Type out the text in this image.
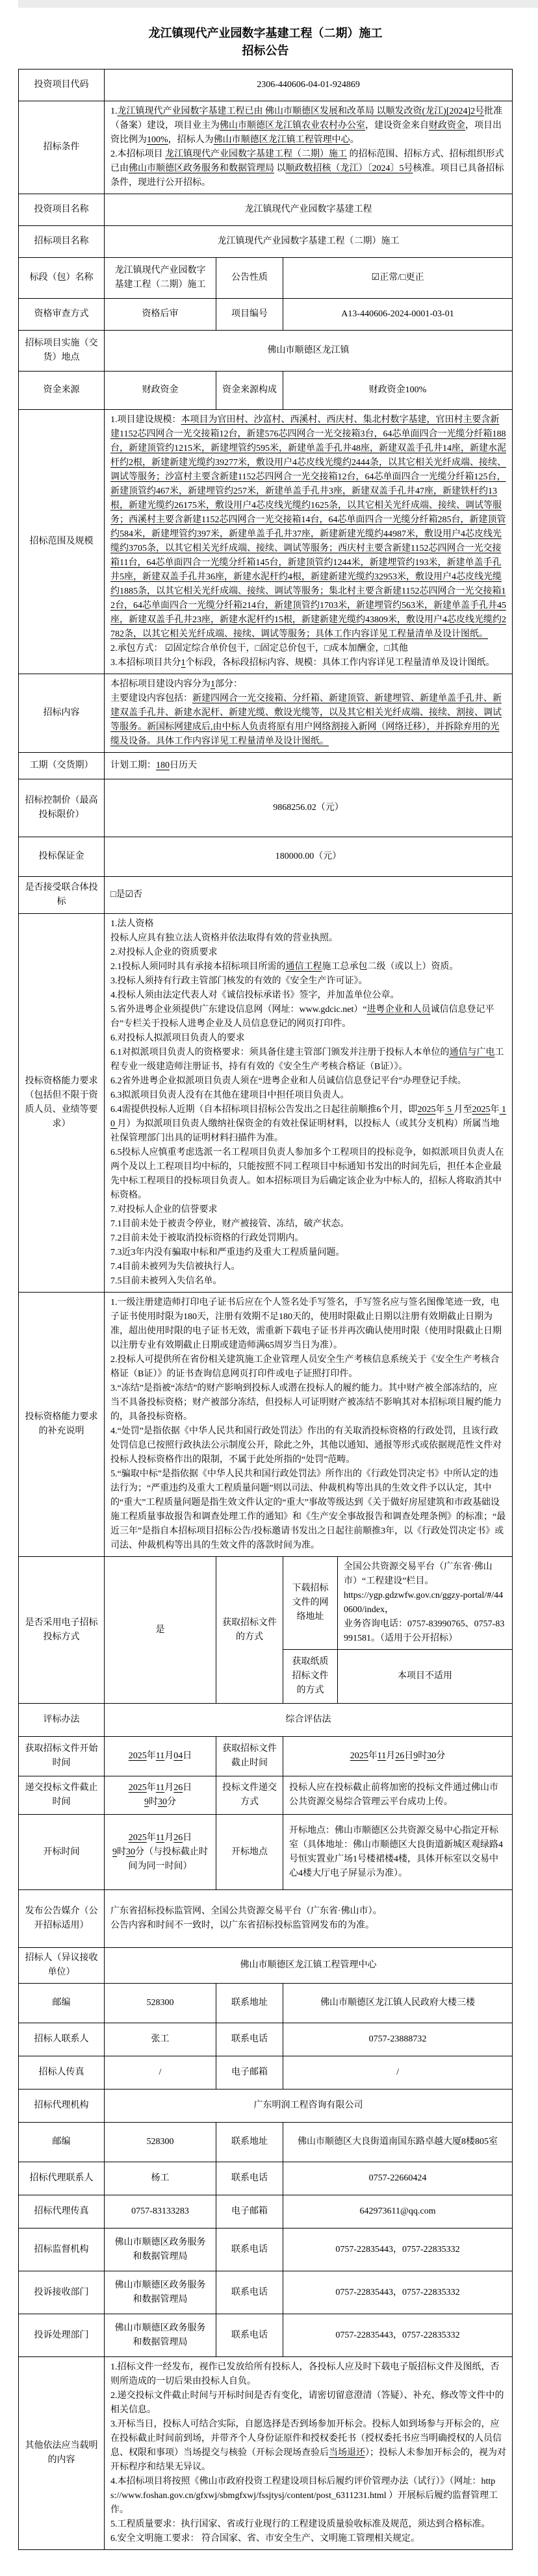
龙江镇现代产业园数字基建工程（二期）施工
招标公告
投资项目代码	2306-440606-04-01-924869			
招标条件	1.龙江镇现代产业园数字基建工程已由 佛山市顺德区发展和改革局 以顺发改资(龙江)[2024]2号批准（备案）建设，项目业主为佛山市顺德区龙江镇农业农村办公室，建设资金来自财政资金，项目出资比例为100%，招标人为佛山市顺德区龙江镇工程管理中心。
2.本招标项目 龙江镇现代产业园数字基建工程（二期）施工 的招标范围、招标方式、招标组织形式已由佛山市顺德区政务服务和数据管理局 以顺政数招核（龙江）〔2024〕5号核准。项目已具备招标条件，现进行公开招标。			

投资项目名称	龙江镇现代产业园数字基建工程			
招标项目名称	龙江镇现代产业园数字基建工程（二期）施工			
标段（包）名称	龙江镇现代产业园数字基建工程（二期）施工	公告性质	☑正常/□更正	
资格审查方式	资格后审	项目编号	A13-440606-2024-0001-03-01	
招标项目实施（交货）地点	佛山市顺德区龙江镇			
资金来源	财政资金	资金来源构成	财政资金100%	
招标范围及规模	1.项目建设规模：本项目为官田村、沙富村、西溪村、西庆村、集北村数字基建，官田村主要含新建1152芯四网合一光交接箱12台，新建576芯四网合一光交接箱3台，64芯单面四合一光缆分纤箱188台，新建顶管约1215米，新建埋管约595米，新建单盖手孔井48座，新建双盖手孔井14座，新建水泥杆约2根，新建新建光缆约39277米，敷设用户4芯皮线光缆约2444条，以其它相关光纤成端、接续、调试等服务；沙富村主要含新建1152芯四网合一光交接箱12台，64芯单面四合一光缆分纤箱125台，新建顶管约467米，新建埋管约257米，新建单盖手孔井3座，新建双盖手孔井47座，新建铁杆约13根，新建光缆约26175米，敷设用户4芯皮线光缆约1625条，以其它相关光纤成端、接续、调试等服务；西溪村主要含新建1152芯四网合一光交接箱14台，64芯单面四合一光缆分纤箱285台，新建顶管约584米，新建埋管约397米，新建单盖手孔井37座，新建新建光缆约44987米，敷设用户4芯皮线光缆约3705条，以其它相关光纤成端、接续、调试等服务；西庆村主要含新建1152芯四网合一光交接箱11台，64芯单面四合一光缆分纤箱145台，新建顶管约1244米，新建埋管约193米，新建单盖手孔井5座，新建双盖手孔井36座，新建水泥杆约4根，新建新建光缆约32953米，敷设用户4芯皮线光缆约1885条，以其它相关光纤成端、接续、调试等服务；集北村主要含新建1152芯四网合一光交接箱12台，64芯单面四合一光缆分纤箱214台，新建顶管约1703米，新建埋管约563米，新建单盖手孔井45座，新建双盖手孔井23座，新建水泥杆约15根，新建新建光缆约43809米，敷设用户4芯皮线光缆约2782条，以其它相关光纤成端、接续、调试等服务；具体工作内容详见工程量清单及设计图纸。
2.承包方式： ☑固定综合单价包干，□固定总价包干，□成本加酬金，□其他
3.本招标项目共分1个标段，各标段招标内容、规模：具体工作内容详见工程量清单及设计图纸。			

招标内容	本招标项目建设内容分为1部分：
主要建设内容包括：新建四网合一光交接箱、分纤箱、新建顶管、新建埋管、新建单盖手孔井、新建双盖手孔井、新建水泥杆、新建光缆、敷设光缆等，以及其它相关光纤成端、接续、割接、调试等服务。新国标网建成后,由中标人负责将原有用户网络割接入新网（网络迁移），并拆除弃用的光缆及设备。具体工作内容详见工程量清单及设计图纸。			

工期（交货期）	计划工期：180日历天			

招标控制价（最高投标限价）	9868256.02（元）			
投标保证金	180000.00（元）			
是否接受联合体投标	□是☑否			
投标资格能力要求（包括但不限于资质人员、业绩等要求）	
1.法人资格
投标人应具有独立法人资格并依法取得有效的营业执照。
2.对投标人企业的资质要求
2.1投标人须同时具有承接本招标项目所需的通信工程施工总承包二级（或以上）资质。
3.投标人须持有行政主管部门核发的有效的《安全生产许可证》。
4.投标人须由法定代表人对《诚信投标承诺书》签字，并加盖单位公章。
5.省外进粤企业须提供广东建设信息网（网址：www.gdcic.net）“进粤企业和人员诚信信息登记平台”专栏关于投标人进粤企业及人员信息登记的网页打印件。
6.对投标人拟派项目负责人的要求
6.1对拟派项目负责人的资格要求：须具备住建主管部门颁发并注册于投标人本单位的通信与广电工程专业一级建造师注册证书，持有有效的《安全生产考核合格证（B证）》。
6.2省外进粤企业拟派项目负责人须在“进粤企业和人员诚信信息登记平台”办理登记手续。
6.3拟派项目负责人没有在其他在建项目中担任项目负责人。
6.4需提供投标人近期（自本招标项目招标公告发出之日起往前顺推6个月，即2025年 5 月至2025年 10 月）为拟派项目负责人缴纳社保资金的有效社保证明材料，以投标人（或其分支机构）所属当地社保管理部门出具的证明材料扫描件为准。
6.5投标人应慎重考虑选派一名工程项目负责人参加多个工程项目的投标竞争，如拟派项目负责人在两个及以上工程项目均中标的，只能按照不同工程项目中标通知书发出的时间先后，担任本企业最先中标工程项目的投标项目负责人。如本招标项目为后确定该企业为中标人的，招标人将取消其中标资格。
7.对投标人企业的信誉要求
7.1目前未处于被责令停业，财产被接管、冻结，破产状态。
7.2目前未处于被取消投标资格的行政处罚期内。
7.3近3年内没有骗取中标和严重违约及重大工程质量问题。
7.4目前未被列为失信被执行人。
7.5目前未被列入失信名单。

投标资格能力要求的补充说明	1.一级注册建造师打印电子证书后应在个人签名处手写签名，手写签名应与签名图像笔迹一致，电子证书使用时限为180天，注册有效期不足180天的，使用时限截止日期以注册有效期截止日期为准，超出使用时限的电子证书无效，需重新下载电子证书并再次确认使用时限（使用时限截止日期以注册专业有效期截止日期或建造师满65周岁当日为准）。
2.投标人可提供所在省份相关建筑施工企业管理人员安全生产考核信息系统关于《安全生产考核合格证（B证）》的证书查询信息网页打印件或电子证照打印件。
3.“冻结”是指被“冻结”的财产影响到投标人或潜在投标人的履约能力。其中财产被全部冻结的，应当不具备投标资格；财产被部分冻结，但投标人可证明财产被冻结不影响其对本招标项目履约能力的，具备投标资格。
4.“处罚”是指依据《中华人民共和国行政处罚法》作出的有关取消投标资格的行政处罚，且该行政处罚信息已按照行政执法公示制度公开，除此之外，其他以通知、通报等形式或依据规范性文件对投标人投标资格作出的限制，不属于此处所指的“处罚”范畴。
5.“骗取中标”是指依据《中华人民共和国行政处罚法》所作出的《行政处罚决定书》中所认定的违法行为；“严重违约及重大工程质量问题”则以司法、仲裁机构等出具的生效文件予以认定，其中的“重大”工程质量问题是指生效文件认定的“重大”事故等级达到《关于做好房屋建筑和市政基础设施工程质量事故报告和调查处理工作的通知》和《生产安全事故报告和调查处理条例》的标准；“最近三年”是指自本招标项目招标公告/投标邀请书发出之日起往前顺推3年，以《行政处罚决定书》或司法、仲裁机构等出具的生效文件的落款时间为准。			

是否采用电子招标投标方式	是	获取招标文件的方式	下载招标文件的网络地址	全国公共资源交易平台（广东省·佛山市）“工程建设”栏目。
https://ygp.gdzwfw.gov.cn/ggzy-portal/#/440600/index，
业务咨询电话：0757-83990765、0757-83991581。（适用于公开招标）

			获取纸质招标文件的方式	本项目不适用
评标办法	综合评估法			
获取招标文件开始时间	2025年11月04日	获取招标文件截止时间	2025年11月26日9时30分	

递交投标文件截止时间	2025年11月26日
9时30分	投标文件递交方式	投标人应在投标截止前将加密的投标文件通过佛山市公共资源交易综合管理云平台成功上传。	
开标时间	2025年11月26日
9时30分（与投标截止时间为同一时间）	开标地点	开标地点：佛山市顺德区公共资源交易中心指定开标室（具体地址：佛山市顺德区大良街道新城区观绿路4号恒实置业广场1号楼裙楼4楼，具体开标室以交易中心4楼大厅电子屏显示为准）。	
发布公告媒介（公开招标适用）	广东省招标投标监管网、全国公共资源交易平台（广东省·佛山市）。
公告内容和时间不一致时，以广东省招标投标监管网发布的为准。			

招标人（异议接收单位）	佛山市顺德区龙江镇工程管理中心			
邮编	528300	联系地址	佛山市顺德区龙江镇人民政府大楼三楼	
招标人联系人	张工	联系电话	0757-23888732	
招标人传真	/	电子邮箱	/	
招标代理机构	广东明润工程咨询有限公司			
邮编	528300	联系地址	佛山市顺德区大良街道南国东路卓越大厦8楼805室	
招标代理联系人	杨工	联系电话	0757-22660424	
招标代理传真	0757-83133283	电子邮箱	642973611@qq.com	
招标监督机构	佛山市顺德区政务服务和数据管理局	联系电话	0757-22835443，0757-22835332	
投诉接收部门	佛山市顺德区政务服务和数据管理局	联系电话	0757-22835443，0757-22835332	
投诉处理部门	佛山市顺德区政务服务和数据管理局	联系电话	0757-22835443，0757-22835332	
其他依法应当载明的内容	
1.招标文件一经发布，视作已发放给所有投标人，各投标人应及时下载电子版招标文件及图纸，否则所造成的一切后果由投标人自负。
2.递交投标文件截止时间与开标时间是否有变化，请密切留意澄清（答疑）、补充、修改等文件中的相关信息。
3.开标当日，投标人可结合实际，自愿选择是否到场参加开标会。投标人如到场参与开标会的，应在投标截止时间前到场，并带齐个人身份证原件和授权委托书（授权委托书应当明确授权的人员信息、权限和事项）当场提交与核验（开标会现场查验后当场退还）；投标人未参加开标会的，视为对开标程序和结果无异议。
4.本招标项目将按照《佛山市政府投资工程建设项目标后履约评价管理办法（试行）》（网址：https://www.foshan.gov.cn/gfxwj/sbmgfxwj/fssjtysj/content/post_6311231.html ）开展标后履约监督管理工作。
5.工程质量要求：执行国家、省或行业现行的工程建设质量验收标准及规范，须达到合格标准。
6.安全文明施工要求： 符合国家、省、市安全生产、文明施工管理相关规定。
